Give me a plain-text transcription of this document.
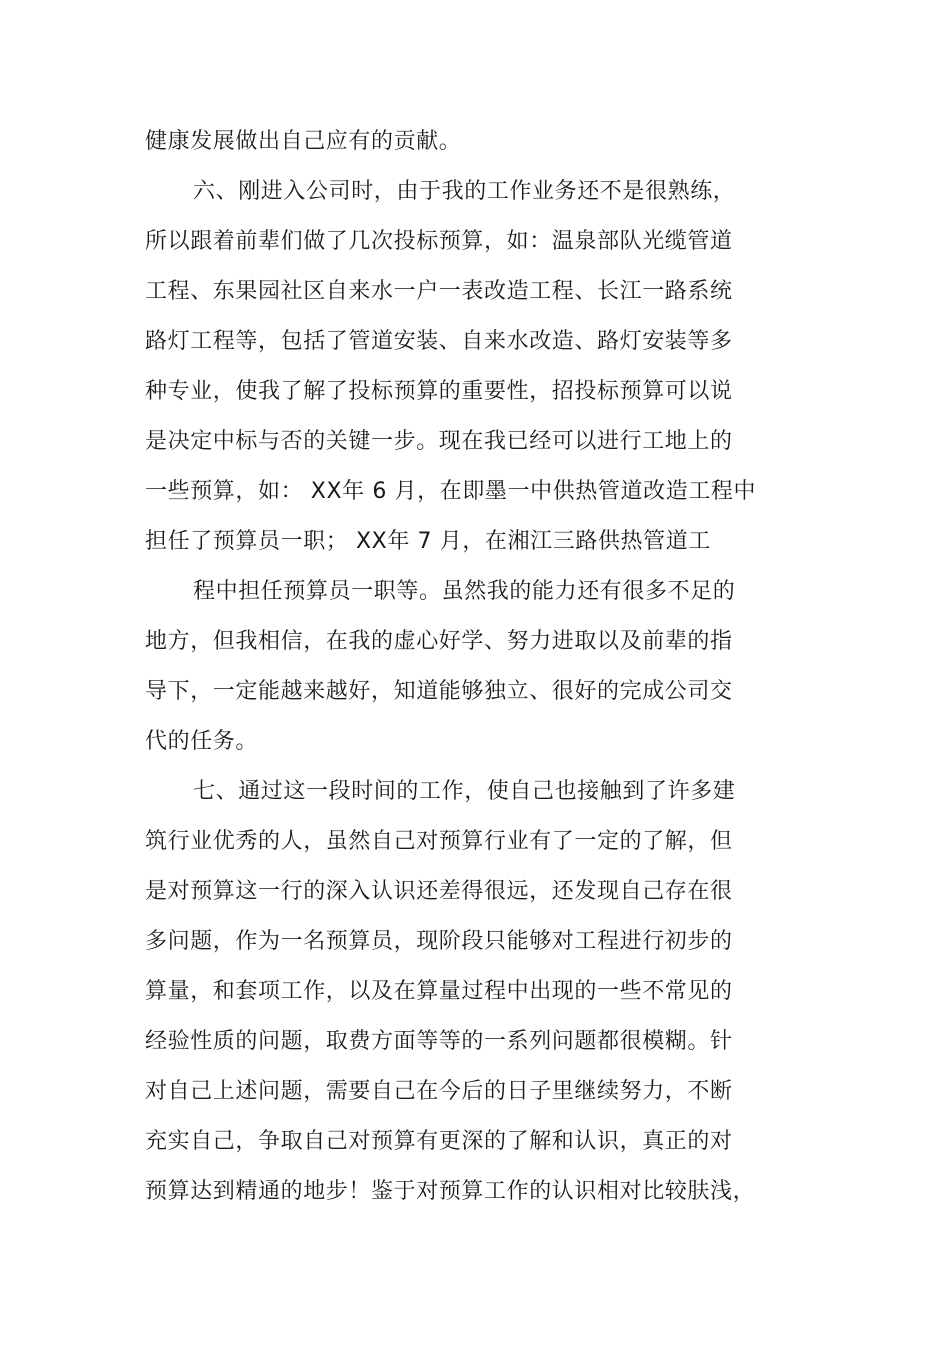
健康发展做出自己应有的贡献。
六、刚进入公司时，由于我的工作业务还不是很熟练，
所以跟着前辈们做了几次投标预算，如：温泉部队光缆管道
工程、东果园社区自来水一户一表改造工程、长江一路系统
路灯工程等，包括了管道安装、自来水改造、路灯安装等多
种专业，使我了解了投标预算的重要性，招投标预算可以说
是决定中标与否的关键一步。现在我已经可以进行工地上的
一些预算，如： XX年 6 月，在即墨一中供热管道改造工程中
担任了预算员一职； XX年 7 月，在湘江三路供热管道工
程中担任预算员一职等。虽然我的能力还有很多不足的
地方，但我相信，在我的虚心好学、努力进取以及前辈的指
导下，一定能越来越好，知道能够独立、很好的完成公司交
代的任务。
七、通过这一段时间的工作，使自己也接触到了许多建
筑行业优秀的人，虽然自己对预算行业有了一定的了解，但
是对预算这一行的深入认识还差得很远，还发现自己存在很
多问题，作为一名预算员，现阶段只能够对工程进行初步的
算量，和套项工作，以及在算量过程中出现的一些不常见的
经验性质的问题，取费方面等等的一系列问题都很模糊。针
对自己上述问题，需要自己在今后的日子里继续努力，不断
充实自己，争取自己对预算有更深的了解和认识，真正的对
预算达到精通的地步！鉴于对预算工作的认识相对比较肤浅，
